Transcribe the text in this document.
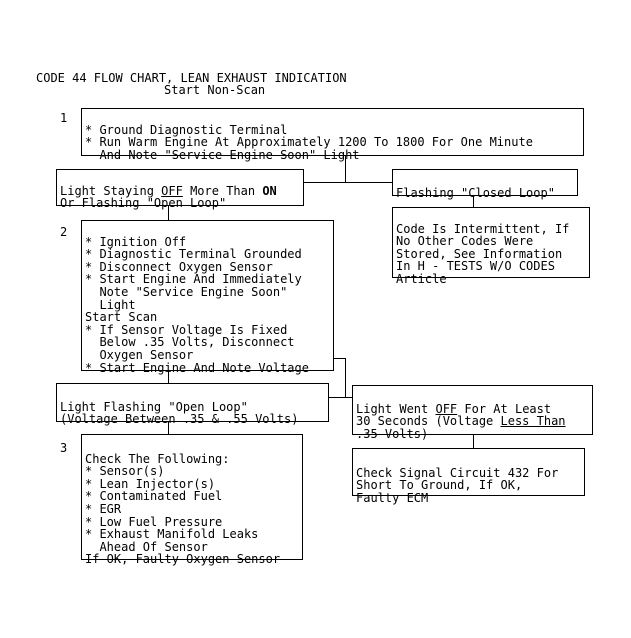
CODE 44 FLOW CHART, LEAN EXHAUST INDICATION
Start Non-Scan
1
2
3

* Ground Diagnostic Terminal
* Run Warm Engine At Approximately 1200 To 1800 For One Minute
And Note "Service Engine Soon" Light

Light Staying OFF More Than ON
Or Flashing "Open Loop"

Flashing "Closed Loop"

Code Is Intermittent, If
No Other Codes Were
Stored, See Information
In H - TESTS W/O CODES
Article

* Ignition Off
* Diagnostic Terminal Grounded
* Disconnect Oxygen Sensor
* Start Engine And Immediately
Note "Service Engine Soon"
Light
Start Scan
* If Sensor Voltage Is Fixed
Below .35 Volts, Disconnect
Oxygen Sensor
* Start Engine And Note Voltage

Light Flashing "Open Loop"
(Voltage Between .35 & .55 Volts)

Light Went OFF For At Least
30 Seconds (Voltage Less Than
.35 Volts)

Check The Following:
* Sensor(s)
* Lean Injector(s)
* Contaminated Fuel
* EGR
* Low Fuel Pressure
* Exhaust Manifold Leaks
Ahead Of Sensor
If OK, Faulty Oxygen Sensor

Check Signal Circuit 432 For
Short To Ground, If OK,
Faulty ECM
